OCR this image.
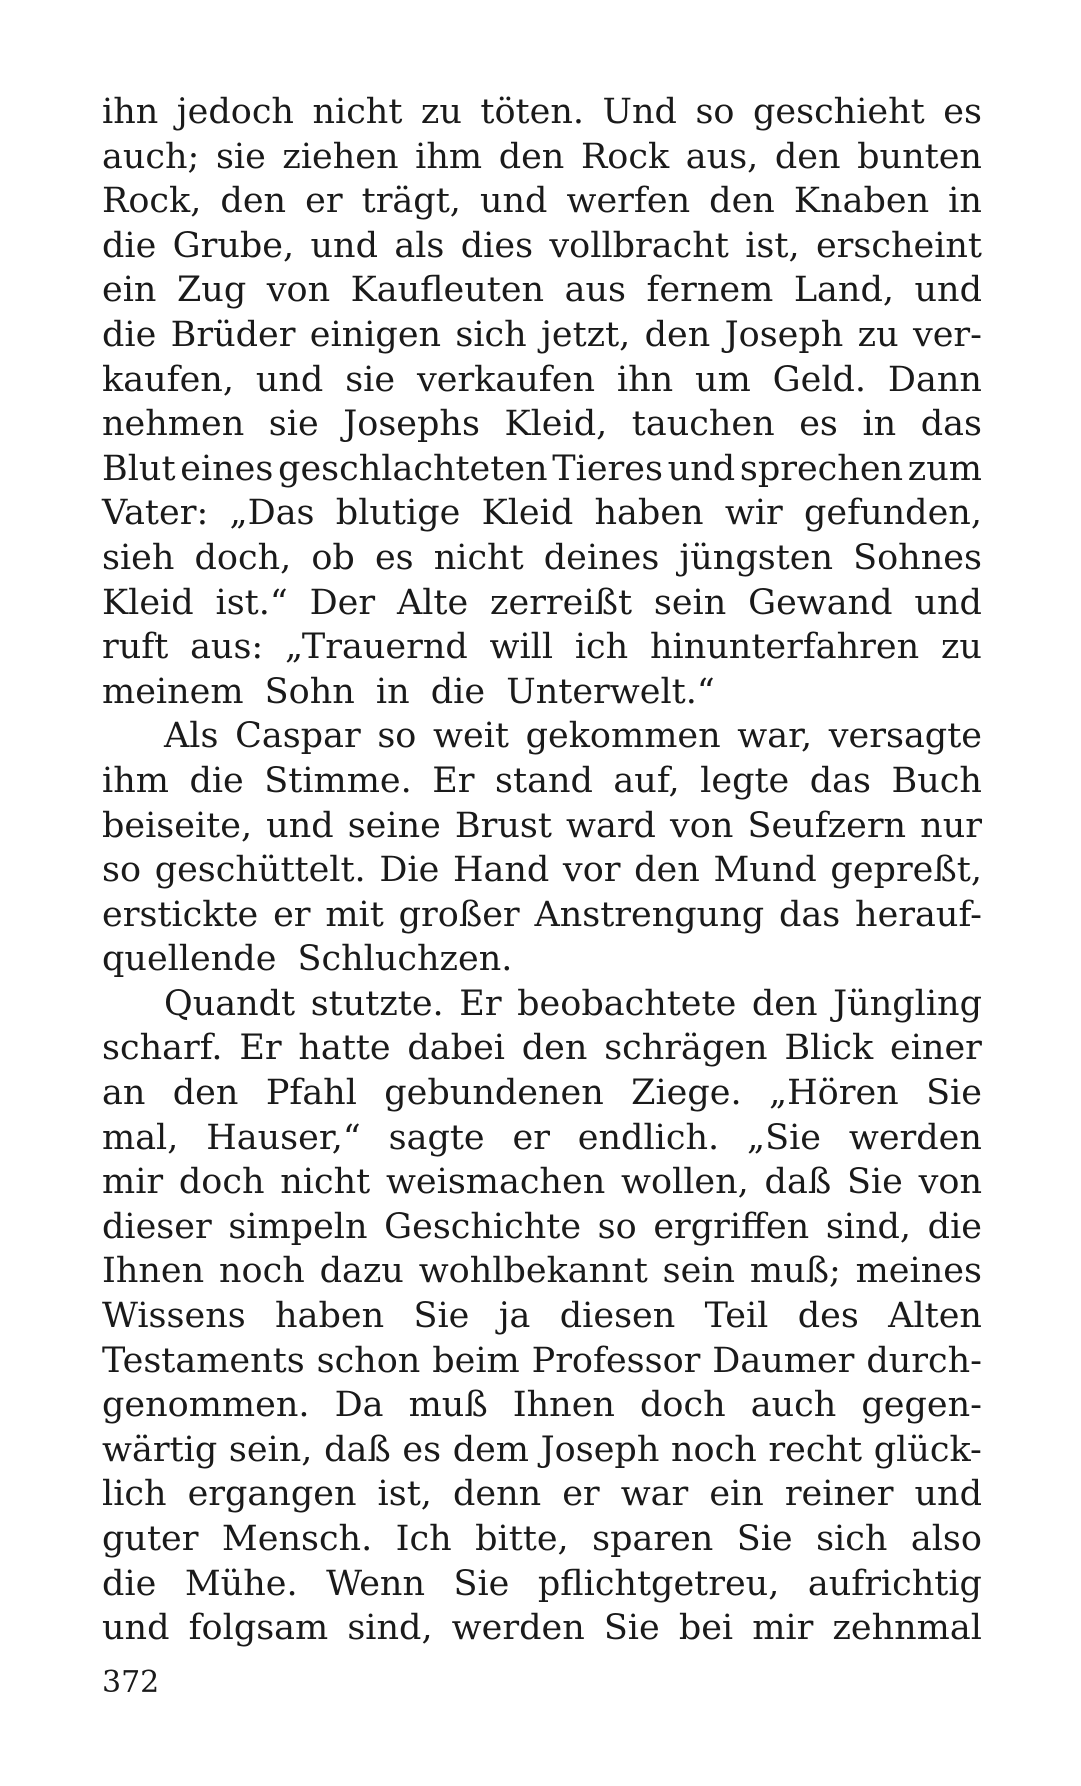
ihn jedoch nicht zu töten. Und so geschieht es
auch; sie ziehen ihm den Rock aus, den bunten
Rock, den er trägt, und werfen den Knaben in
die Grube, und als dies vollbracht ist, erscheint
ein Zug von Kaufleuten aus fernem Land, und
die Brüder einigen sich jetzt, den Joseph zu ver-
kaufen, und sie verkaufen ihn um Geld. Dann
nehmen sie Josephs Kleid, tauchen es in das
Blut eines geschlachteten Tieres und sprechen zum
Vater: „Das blutige Kleid haben wir gefunden,
sieh doch, ob es nicht deines jüngsten Sohnes
Kleid ist.“ Der Alte zerreißt sein Gewand und
ruft aus: „Trauernd will ich hinunterfahren zu
meinem Sohn in die Unterwelt.“
Als Caspar so weit gekommen war, versagte
ihm die Stimme. Er stand auf, legte das Buch
beiseite, und seine Brust ward von Seufzern nur
so geschüttelt. Die Hand vor den Mund gepreßt,
erstickte er mit großer Anstrengung das herauf-
quellende Schluchzen.
Quandt stutzte. Er beobachtete den Jüngling
scharf. Er hatte dabei den schrägen Blick einer
an den Pfahl gebundenen Ziege. „Hören Sie
mal, Hauser,“ sagte er endlich. „Sie werden
mir doch nicht weismachen wollen, daß Sie von
dieser simpeln Geschichte so ergriffen sind, die
Ihnen noch dazu wohlbekannt sein muß; meines
Wissens haben Sie ja diesen Teil des Alten
Testaments schon beim Professor Daumer durch-
genommen. Da muß Ihnen doch auch gegen-
wärtig sein, daß es dem Joseph noch recht glück-
lich ergangen ist, denn er war ein reiner und
guter Mensch. Ich bitte, sparen Sie sich also
die Mühe. Wenn Sie pflichtgetreu, aufrichtig
und folgsam sind, werden Sie bei mir zehnmal
372
